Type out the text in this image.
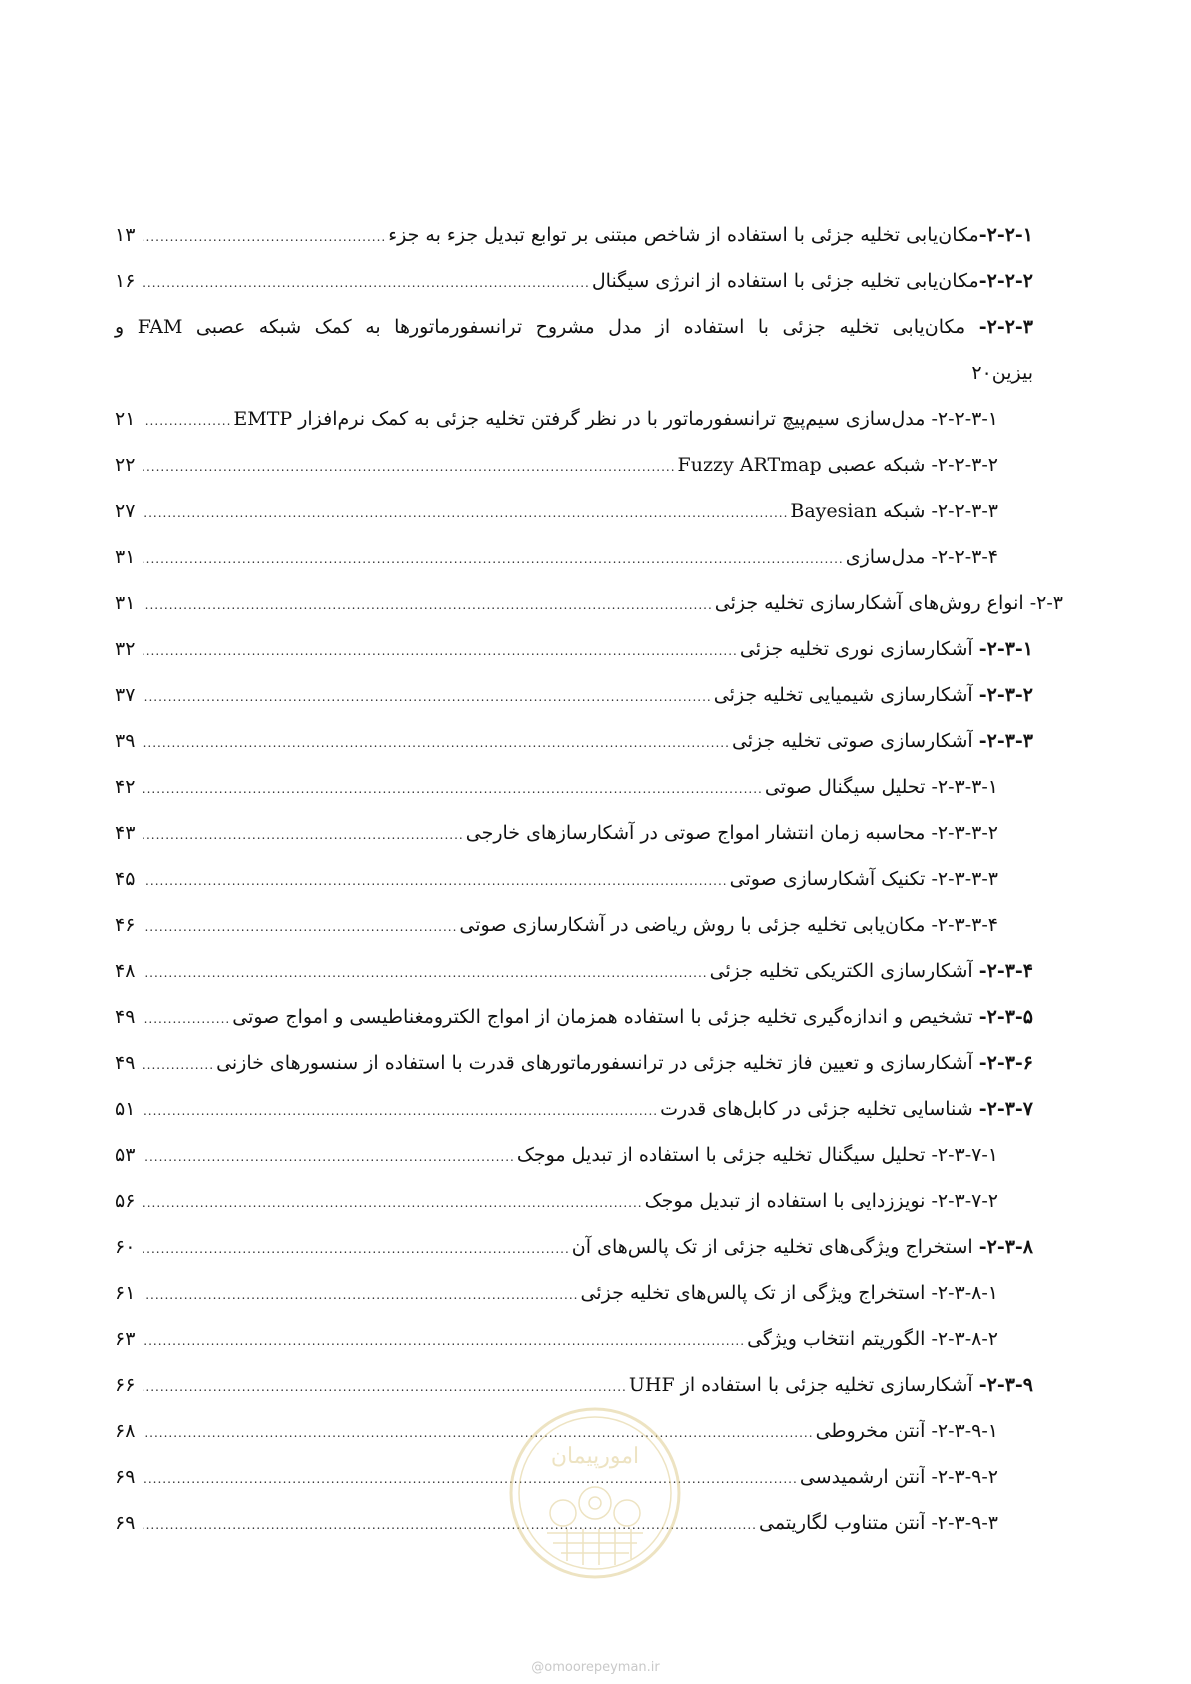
۲-۲-۱-
مکان‌یابی تخلیه جزئی با استفاده از شاخص مبتنی بر توابع تبدیل جزء به جزء
.....
۱۳
۲-۲-۲-
مکان‌یابی تخلیه جزئی با استفاده از انرژی سیگنال
.....
۱۶
۲-۲-۳- مکان‌یابی تخلیه جزئی با استفاده از مدل مشروح ترانسفورماتورها به کمک شبکه عصبی FAM و
بیزین۲۰
۲-۲-۳-۱-

مدل‌سازی سیم‌پیچ ترانسفورماتور با در نظر گرفتن تخلیه جزئی به کمک نرم‌افزار EMTP
.....
۲۱
۲-۲-۳-۲-

شبکه عصبی Fuzzy ARTmap
.....
۲۲
۲-۲-۳-۳-

شبکه Bayesian
.....
۲۷
۲-۲-۳-۴-

مدل‌سازی
.....
۳۱
۲-۳-

انواع روش‌های آشکارسازی تخلیه جزئی
.....
۳۱
۲-۳-۱-

آشکارسازی نوری تخلیه جزئی
.....
۳۲
۲-۳-۲-

آشکارسازی شیمیایی تخلیه جزئی
.....
۳۷
۲-۳-۳-

آشکارسازی صوتی تخلیه جزئی
.....
۳۹
۲-۳-۳-۱-

تحلیل سیگنال صوتی
.....
۴۲
۲-۳-۳-۲-

محاسبه زمان انتشار امواج صوتی در آشکارسازهای خارجی
.....
۴۳
۲-۳-۳-۳-

تکنیک آشکارسازی صوتی
.....
۴۵
۲-۳-۳-۴-

مکان‌یابی تخلیه جزئی با روش ریاضی در آشکارسازی صوتی
.....
۴۶
۲-۳-۴-

آشکارسازی الکتریکی تخلیه جزئی
.....
۴۸
۲-۳-۵-

تشخیص و اندازه‌گیری تخلیه جزئی با استفاده همزمان از امواج الکترومغناطیسی و امواج صوتی
.....
۴۹
۲-۳-۶-

آشکارسازی و تعیین فاز تخلیه جزئی در ترانسفورماتورهای قدرت با استفاده از سنسورهای خازنی
.....
۴۹
۲-۳-۷-

شناسایی تخلیه جزئی در کابل‌های قدرت
.....
۵۱
۲-۳-۷-۱-

تحلیل سیگنال تخلیه جزئی با استفاده از تبدیل موجک
.....
۵۳
۲-۳-۷-۲-

نویززدایی با استفاده از تبدیل موجک
.....
۵۶
۲-۳-۸-

استخراج ویژگی‌های تخلیه جزئی از تک پالس‌های آن
.....
۶۰
۲-۳-۸-۱-

استخراج ویژگی از تک پالس‌های تخلیه جزئی
.....
۶۱
۲-۳-۸-۲-

الگوریتم انتخاب ویژگی
.....
۶۳
۲-۳-۹-

آشکارسازی تخلیه جزئی با استفاده از UHF
.....
۶۶
۲-۳-۹-۱-

آنتن مخروطی
.....
۶۸
۲-۳-۹-۲-

آنتن ارشمیدسی
.....
۶۹
۲-۳-۹-۳-

آنتن متناوب لگاریتمی
.....
۶۹
امورپیمان
@omoorepeyman.ir
